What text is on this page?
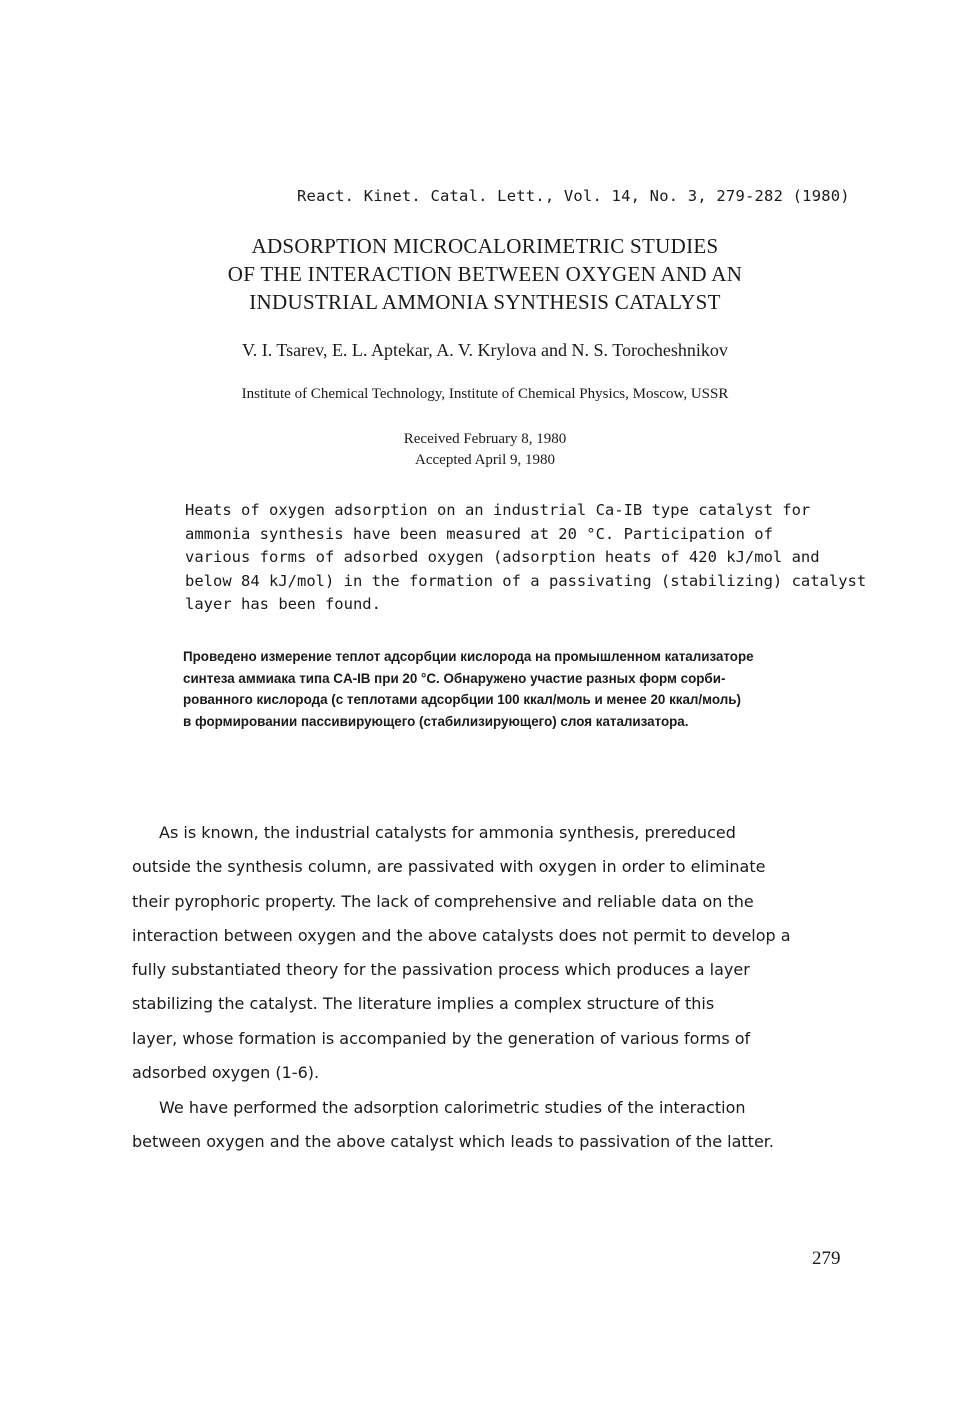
React. Kinet. Catal. Lett., Vol. 14, No. 3, 279-282 (1980)
ADSORPTION MICROCALORIMETRIC STUDIES
OF THE INTERACTION BETWEEN OXYGEN AND AN
INDUSTRIAL AMMONIA SYNTHESIS CATALYST
V. I. Tsarev, E. L. Aptekar, A. V. Krylova and N. S. Torocheshnikov
Institute of Chemical Technology, Institute of Chemical Physics, Moscow, USSR
Received February 8, 1980
Accepted April 9, 1980
Heats of oxygen adsorption on an industrial Ca-IB type catalyst for
ammonia synthesis have been measured at 20 °C. Participation of
various forms of adsorbed oxygen (adsorption heats of 420 kJ/mol and
below 84 kJ/mol) in the formation of a passivating (stabilizing) catalyst
layer has been found.
Проведено измерение теплот адсорбции кислорода на промышленном катализаторе
синтеза аммиака типа CA-IB при 20 °C. Обнаружено участие разных форм сорби-
рованного кислорода (с теплотами адсорбции 100 ккал/моль и менее 20 ккал/моль)
в формировании пассивирующего (стабилизирующего) слоя катализатора.
As is known, the industrial catalysts for ammonia synthesis, prereduced
outside the synthesis column, are passivated with oxygen in order to eliminate
their pyrophoric property. The lack of comprehensive and reliable data on the
interaction between oxygen and the above catalysts does not permit to develop a
fully substantiated theory for the passivation process which produces a layer
stabilizing the catalyst. The literature implies a complex structure of this
layer, whose formation is accompanied by the generation of various forms of
adsorbed oxygen (1-6).
We have performed the adsorption calorimetric studies of the interaction
between oxygen and the above catalyst which leads to passivation of the latter.
279
